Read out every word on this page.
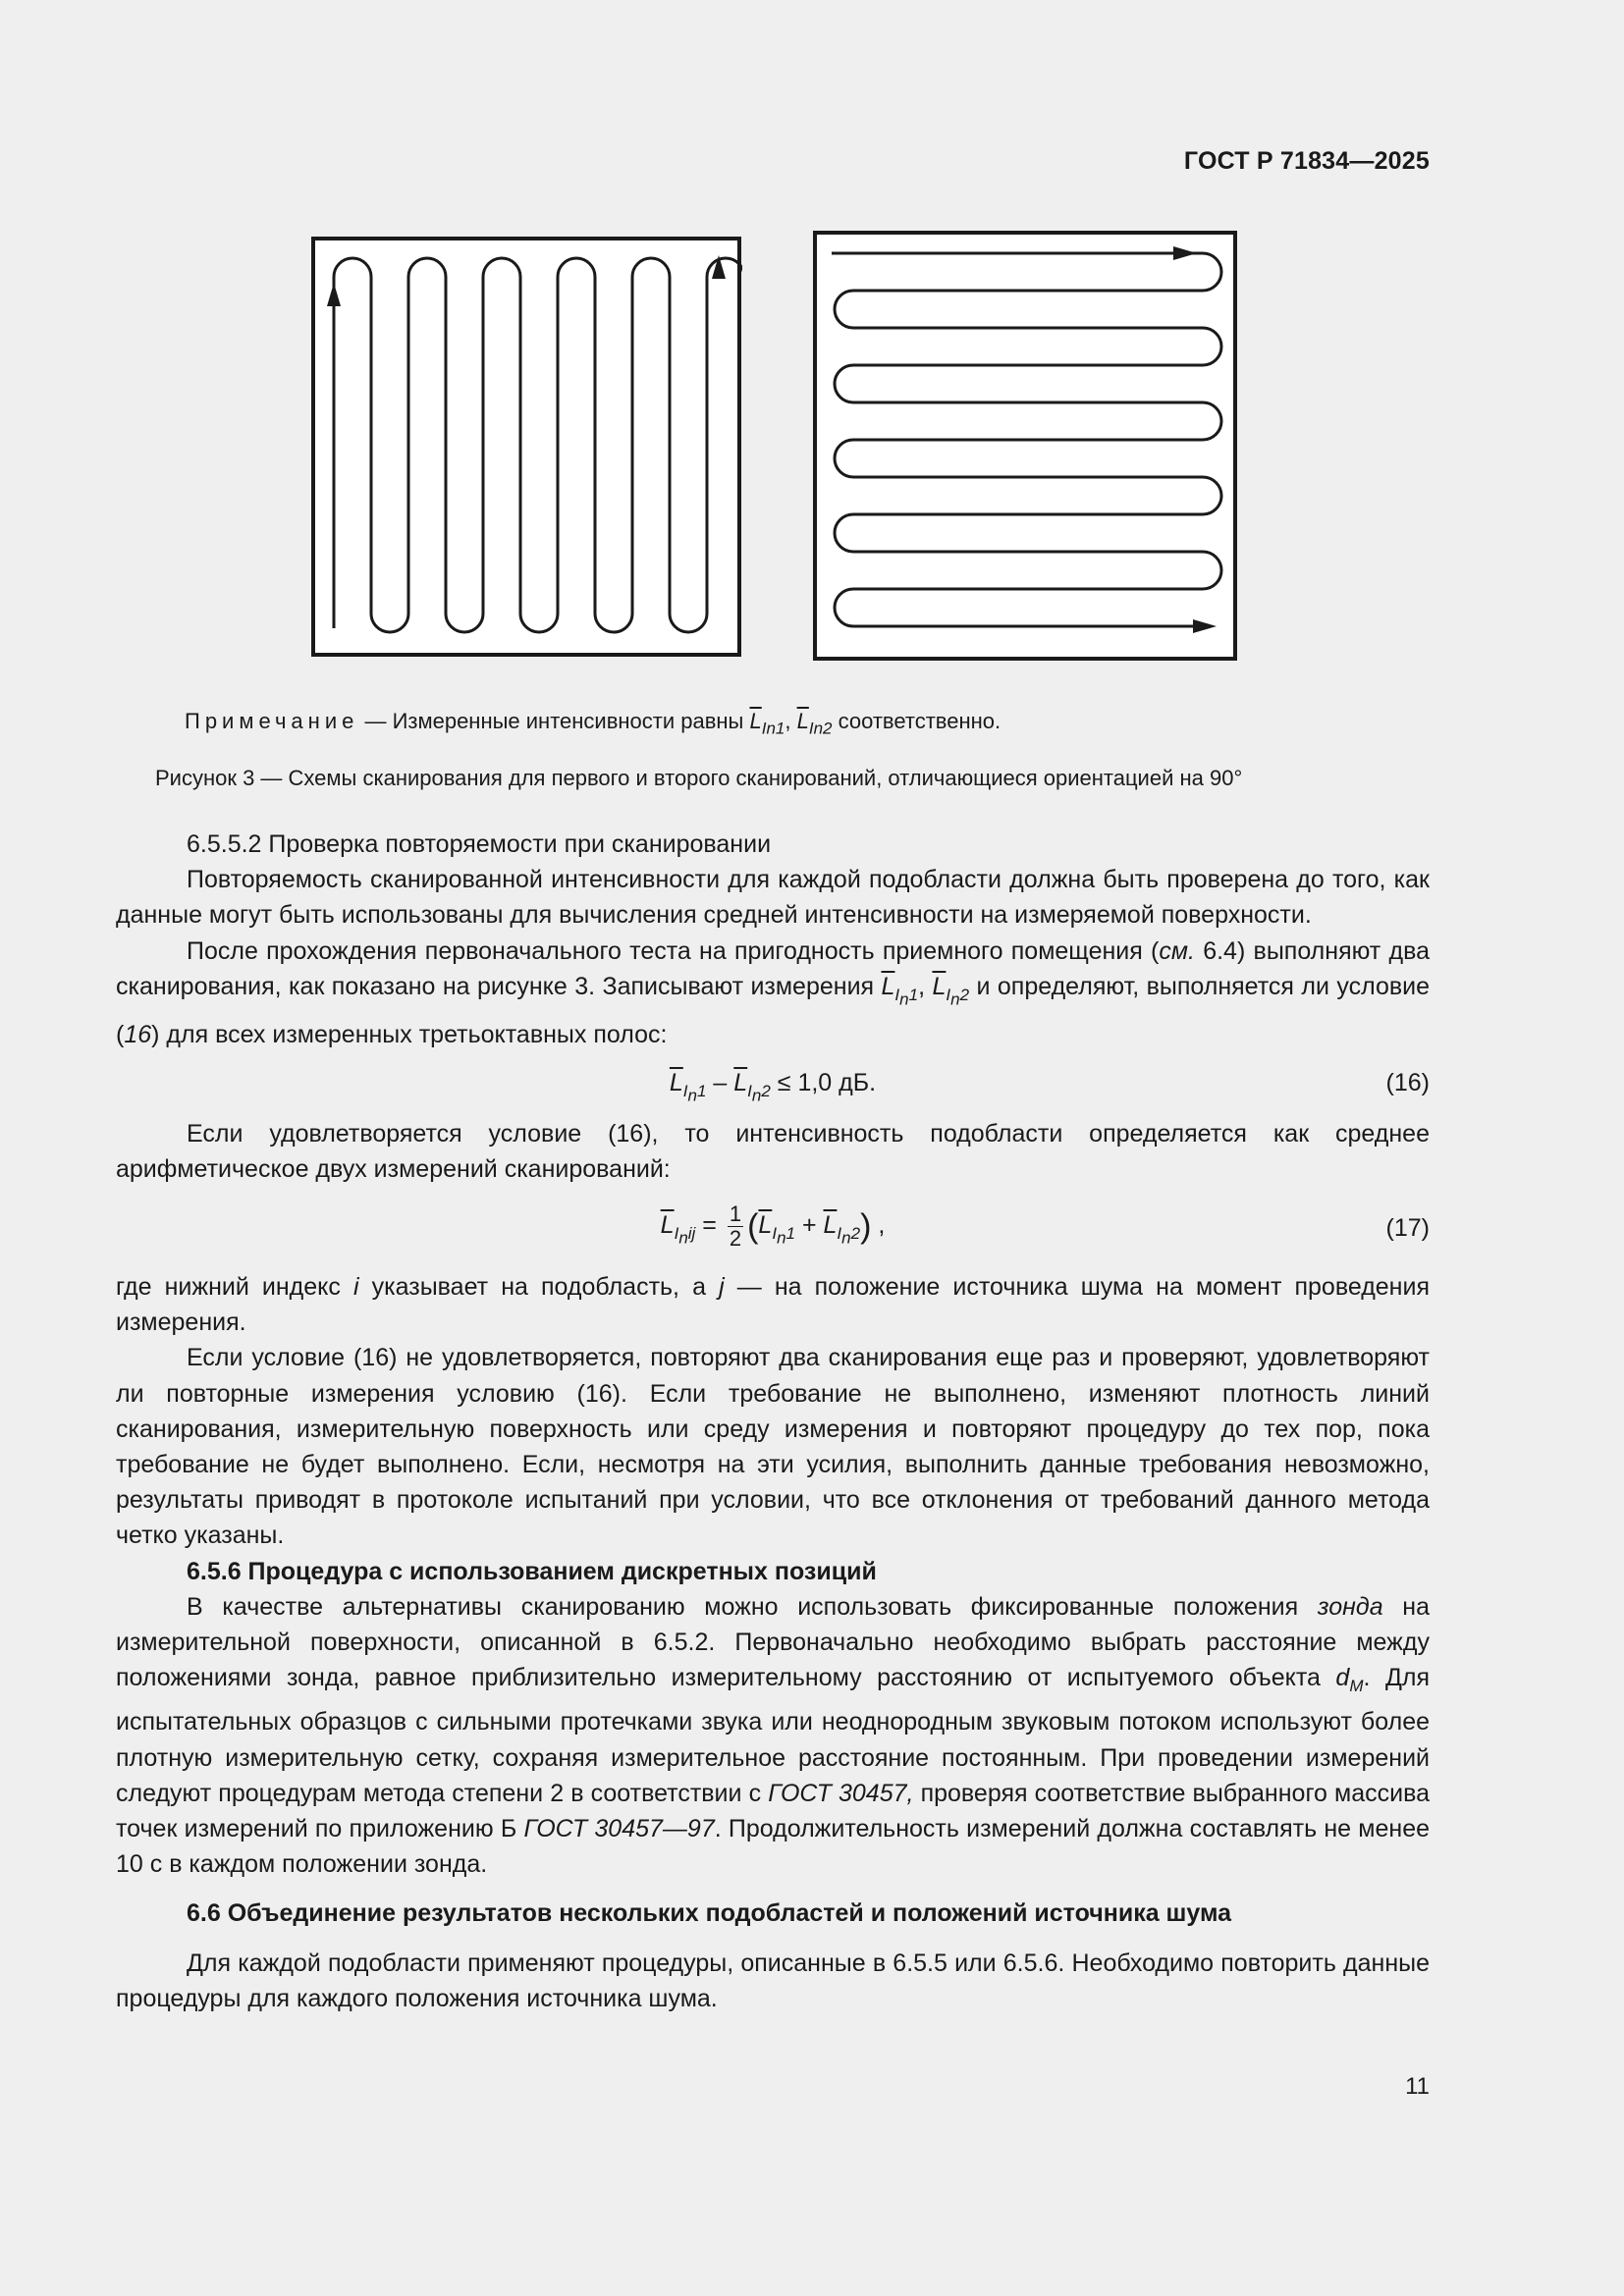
ГОСТ Р 71834—2025
Примечание — Измеренные интенсивности равны $\overline{L}_{In1}$, $\overline{L}_{In2}$ соответственно.
Рисунок 3 — Схемы сканирования для первого и второго сканирований, отличающиеся ориентацией на 90°

6.5.5.2 Проверка повторяемости при сканировании

Повторяемость сканированной интенсивности для каждой подобласти должна быть проверена до того, как данные могут быть использованы для вычисления средней интенсивности на измеряемой поверхности.

После прохождения первоначального теста на пригодность приемного помещения (см. 6.4) выполняют два сканирования, как показано на рисунке 3. Записывают измерения $\overline{L}_{I_n1}$, $\overline{L}_{I_n2}$ и определяют, выполняется ли условие (16) для всех измеренных третьоктавных полос:

$\overline{L}_{I_n1} - \overline{L}_{I_n2} \le 1,0$ дБ.	(16)

Если удовлетворяется условие (16), то интенсивность подобласти определяется как среднее арифметическое двух измерений сканирований:

$\overline{L}_{I_nij} = \frac{1}{2} (\overline{L}_{I_n1} + \overline{L}_{I_n2})$ ,	(17)

где нижний индекс i указывает на подобласть, а j — на положение источника шума на момент проведения измерения.

Если условие (16) не удовлетворяется, повторяют два сканирования еще раз и проверяют, удовлетворяют ли повторные измерения условию (16). Если требование не выполнено, изменяют плотность линий сканирования, измерительную поверхность или среду измерения и повторяют процедуру до тех пор, пока требование не будет выполнено. Если, несмотря на эти усилия, выполнить данные требования невозможно, результаты приводят в протоколе испытаний при условии, что все отклонения от требований данного метода четко указаны.

6.5.6 Процедура с использованием дискретных позиций

В качестве альтернативы сканированию можно использовать фиксированные положения зонда на измерительной поверхности, описанной в 6.5.2. Первоначально необходимо выбрать расстояние между положениями зонда, равное приблизительно измерительному расстоянию от испытуемого объекта $d_M$. Для испытательных образцов с сильными протечками звука или неоднородным звуковым потоком используют более плотную измерительную сетку, сохраняя измерительное расстояние постоянным. При проведении измерений следуют процедурам метода степени 2 в соответствии с ГОСТ 30457, проверяя соответствие выбранного массива точек измерений по приложению Б ГОСТ 30457—97. Продолжительность измерений должна составлять не менее 10 с в каждом положении зонда.

6.6 Объединение результатов нескольких подобластей и положений источника шума

Для каждой подобласти применяют процедуры, описанные в 6.5.5 или 6.5.6. Необходимо повторить данные процедуры для каждого положения источника шума.

11
